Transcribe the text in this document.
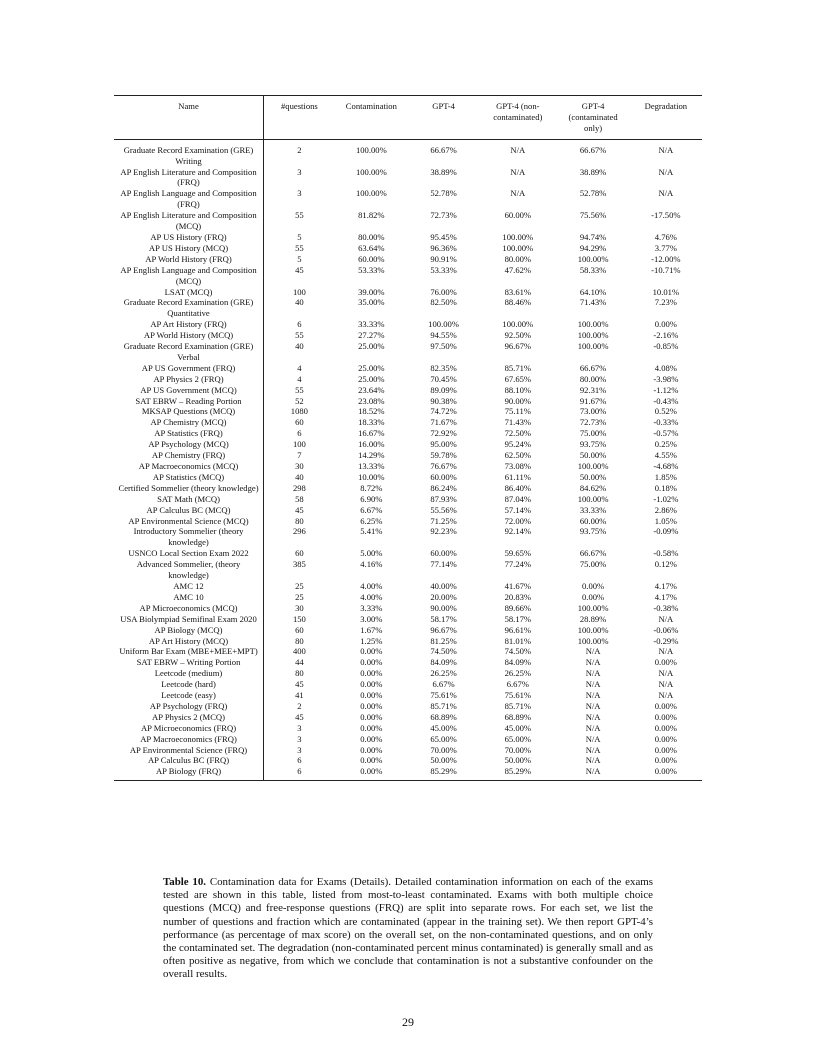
Name	#questions	Contamination	GPT-4	GPT-4 (non-contaminated)	GPT-4 (contaminated only)	Degradation
Graduate Record Examination (GRE) Writing	2	100.00%	66.67%	N/A	66.67%	N/A
AP English Literature and Composition (FRQ)	3	100.00%	38.89%	N/A	38.89%	N/A
AP English Language and Composition (FRQ)	3	100.00%	52.78%	N/A	52.78%	N/A
AP English Literature and Composition (MCQ)	55	81.82%	72.73%	60.00%	75.56%	-17.50%
AP US History (FRQ)	5	80.00%	95.45%	100.00%	94.74%	4.76%
AP US History (MCQ)	55	63.64%	96.36%	100.00%	94.29%	3.77%
AP World History (FRQ)	5	60.00%	90.91%	80.00%	100.00%	-12.00%
AP English Language and Composition (MCQ)	45	53.33%	53.33%	47.62%	58.33%	-10.71%
LSAT (MCQ)	100	39.00%	76.00%	83.61%	64.10%	10.01%
Graduate Record Examination (GRE) Quantitative	40	35.00%	82.50%	88.46%	71.43%	7.23%
AP Art History (FRQ)	6	33.33%	100.00%	100.00%	100.00%	0.00%
AP World History (MCQ)	55	27.27%	94.55%	92.50%	100.00%	-2.16%
Graduate Record Examination (GRE) Verbal	40	25.00%	97.50%	96.67%	100.00%	-0.85%
AP US Government (FRQ)	4	25.00%	82.35%	85.71%	66.67%	4.08%
AP Physics 2 (FRQ)	4	25.00%	70.45%	67.65%	80.00%	-3.98%
AP US Government (MCQ)	55	23.64%	89.09%	88.10%	92.31%	-1.12%
SAT EBRW – Reading Portion	52	23.08%	90.38%	90.00%	91.67%	-0.43%
MKSAP Questions (MCQ)	1080	18.52%	74.72%	75.11%	73.00%	0.52%
AP Chemistry (MCQ)	60	18.33%	71.67%	71.43%	72.73%	-0.33%
AP Statistics (FRQ)	6	16.67%	72.92%	72.50%	75.00%	-0.57%
AP Psychology (MCQ)	100	16.00%	95.00%	95.24%	93.75%	0.25%
AP Chemistry (FRQ)	7	14.29%	59.78%	62.50%	50.00%	4.55%
AP Macroeconomics (MCQ)	30	13.33%	76.67%	73.08%	100.00%	-4.68%
AP Statistics (MCQ)	40	10.00%	60.00%	61.11%	50.00%	1.85%
Certified Sommelier (theory knowledge)	298	8.72%	86.24%	86.40%	84.62%	0.18%
SAT Math (MCQ)	58	6.90%	87.93%	87.04%	100.00%	-1.02%
AP Calculus BC (MCQ)	45	6.67%	55.56%	57.14%	33.33%	2.86%
AP Environmental Science (MCQ)	80	6.25%	71.25%	72.00%	60.00%	1.05%
Introductory Sommelier (theory knowledge)	296	5.41%	92.23%	92.14%	93.75%	-0.09%
USNCO Local Section Exam 2022	60	5.00%	60.00%	59.65%	66.67%	-0.58%
Advanced Sommelier, (theory knowledge)	385	4.16%	77.14%	77.24%	75.00%	0.12%
AMC 12	25	4.00%	40.00%	41.67%	0.00%	4.17%
AMC 10	25	4.00%	20.00%	20.83%	0.00%	4.17%
AP Microeconomics (MCQ)	30	3.33%	90.00%	89.66%	100.00%	-0.38%
USA Biolympiad Semifinal Exam 2020	150	3.00%	58.17%	58.17%	28.89%	N/A
AP Biology (MCQ)	60	1.67%	96.67%	96.61%	100.00%	-0.06%
AP Art History (MCQ)	80	1.25%	81.25%	81.01%	100.00%	-0.29%
Uniform Bar Exam (MBE+MEE+MPT)	400	0.00%	74.50%	74.50%	N/A	N/A
SAT EBRW – Writing Portion	44	0.00%	84.09%	84.09%	N/A	0.00%
Leetcode (medium)	80	0.00%	26.25%	26.25%	N/A	N/A
Leetcode (hard)	45	0.00%	6.67%	6.67%	N/A	N/A
Leetcode (easy)	41	0.00%	75.61%	75.61%	N/A	N/A
AP Psychology (FRQ)	2	0.00%	85.71%	85.71%	N/A	0.00%
AP Physics 2 (MCQ)	45	0.00%	68.89%	68.89%	N/A	0.00%
AP Microeconomics (FRQ)	3	0.00%	45.00%	45.00%	N/A	0.00%
AP Macroeconomics (FRQ)	3	0.00%	65.00%	65.00%	N/A	0.00%
AP Environmental Science (FRQ)	3	0.00%	70.00%	70.00%	N/A	0.00%
AP Calculus BC (FRQ)	6	0.00%	50.00%	50.00%	N/A	0.00%
AP Biology (FRQ)	6	0.00%	85.29%	85.29%	N/A	0.00%
Table 10. Contamination data for Exams (Details). Detailed contamination information on each of the exams tested are shown in this table, listed from most-to-least contaminated. Exams with both multiple choice questions (MCQ) and free-response questions (FRQ) are split into separate rows. For each set, we list the number of questions and fraction which are contaminated (appear in the training set). We then report GPT-4’s performance (as percentage of max score) on the overall set, on the non-contaminated questions, and on only the contaminated set. The degradation (non-contaminated percent minus contaminated) is generally small and as often positive as negative, from which we conclude that contamination is not a substantive confounder on the overall results.
29
